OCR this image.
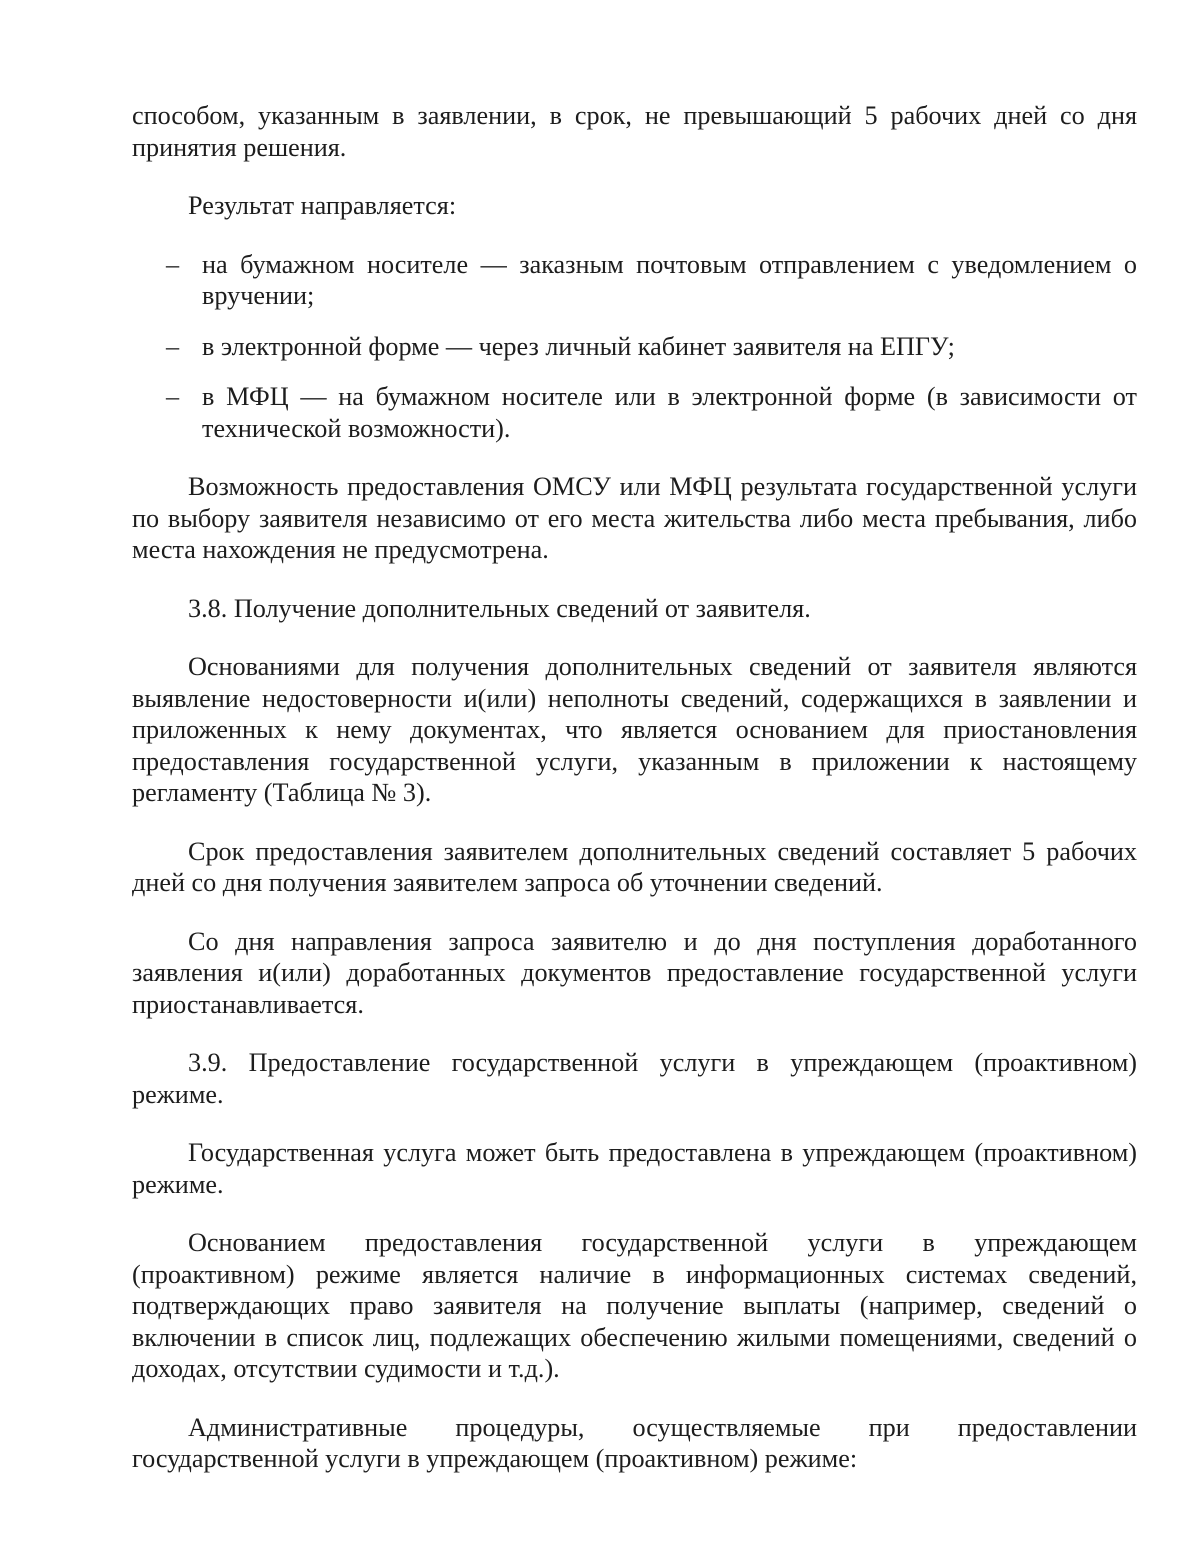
способом, указанным в заявлении, в срок, не превышающий 5 рабочих дней со дня принятия решения.

Результат направляется:

– на бумажном носителе — заказным почтовым отправлением с уведомлением о вручении;
– в электронной форме — через личный кабинет заявителя на ЕПГУ;
– в МФЦ — на бумажном носителе или в электронной форме (в зависимости от технической возможности).

Возможность предоставления ОМСУ или МФЦ результата государственной услуги по выбору заявителя независимо от его места жительства либо места пребывания, либо места нахождения не предусмотрена.

3.8. Получение дополнительных сведений от заявителя.

Основаниями для получения дополнительных сведений от заявителя являются выявление недостоверности и(или) неполноты сведений, содержащихся в заявлении и приложенных к нему документах, что является основанием для приостановления предоставления государственной услуги, указанным в приложении к настоящему регламенту (Таблица № 3).

Срок предоставления заявителем дополнительных сведений составляет 5 рабочих дней со дня получения заявителем запроса об уточнении сведений.

Со дня направления запроса заявителю и до дня поступления доработанного заявления и(или) доработанных документов предоставление государственной услуги приостанавливается.

3.9. Предоставление государственной услуги в упреждающем (проактивном) режиме.

Государственная услуга может быть предоставлена в упреждающем (проактивном) режиме.

Основанием предоставления государственной услуги в упреждающем (проактивном) режиме является наличие в информационных системах сведений, подтверждающих право заявителя на получение выплаты (например, сведений о включении в список лиц, подлежащих обеспечению жилыми помещениями, сведений о доходах, отсутствии судимости и т.д.).

Административные процедуры, осуществляемые при предоставлении государственной услуги в упреждающем (проактивном) режиме:
